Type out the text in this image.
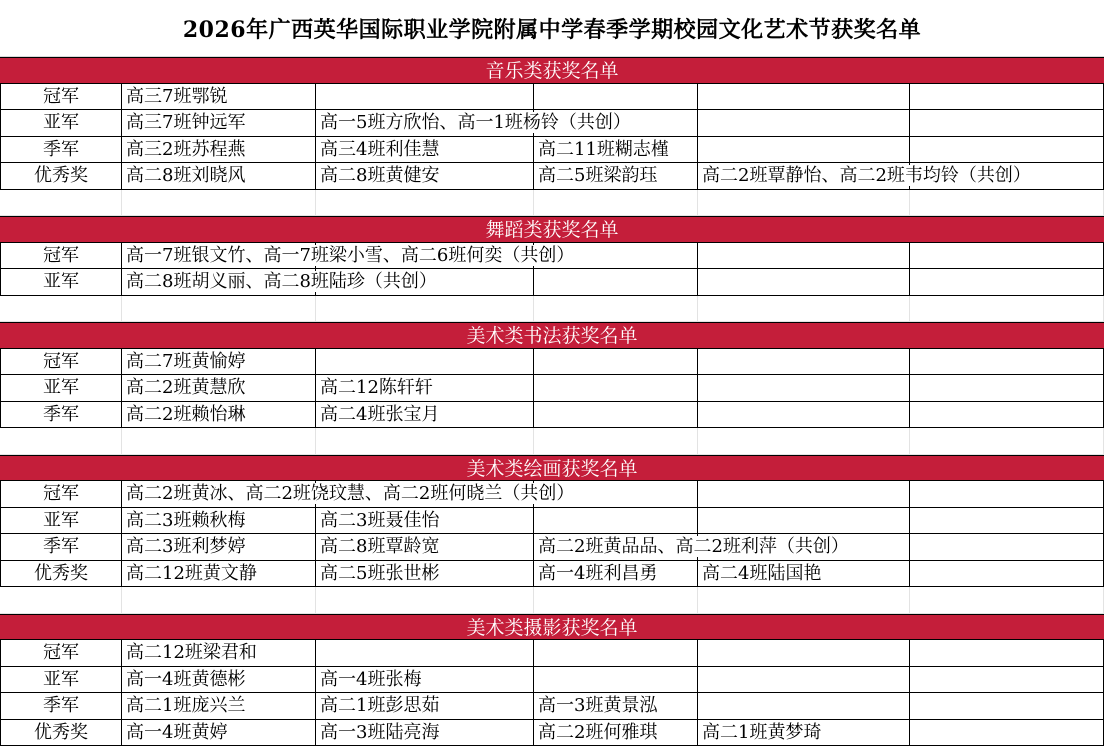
2026年广西英华国际职业学院附属中学春季学期校园文化艺术节获奖名单
音乐类获奖名单
冠军	高三7班鄂锐
亚军	高三7班钟远军	高一5班方欣怡、高一1班杨铃（共创）
季军	高三2班苏程燕	高三4班利佳慧	高二11班糊志槿
优秀奖	高二8班刘晓风	高二8班黄健安	高二5班梁韵珏	高二2班覃静怡、高二2班韦均铃（共创）
舞蹈类获奖名单
冠军	高一7班银文竹、高一7班梁小雪、高二6班何奕（共创）
亚军	高二8班胡义丽、高二8班陆珍（共创）
美术类书法获奖名单
冠军	高二7班黄愉婷
亚军	高二2班黄慧欣	高二12陈轩轩
季军	高二2班赖怡琳	高二4班张宝月
美术类绘画获奖名单
冠军	高二2班黄冰、高二2班饶玟慧、高二2班何晓兰（共创）
亚军	高二3班赖秋梅	高二3班聂佳怡
季军	高二3班利梦婷	高二8班覃龄宽	高二2班黄品品、高二2班利萍（共创）
优秀奖	高二12班黄文静	高二5班张世彬	高一4班利昌勇	高二4班陆国艳
美术类摄影获奖名单
冠军	高二12班梁君和
亚军	高一4班黄德彬	高一4班张梅
季军	高二1班庞兴兰	高二1班彭思茹	高一3班黄景泓
优秀奖	高一4班黄婷	高一3班陆亮海	高二2班何雅琪	高二1班黄梦琦
